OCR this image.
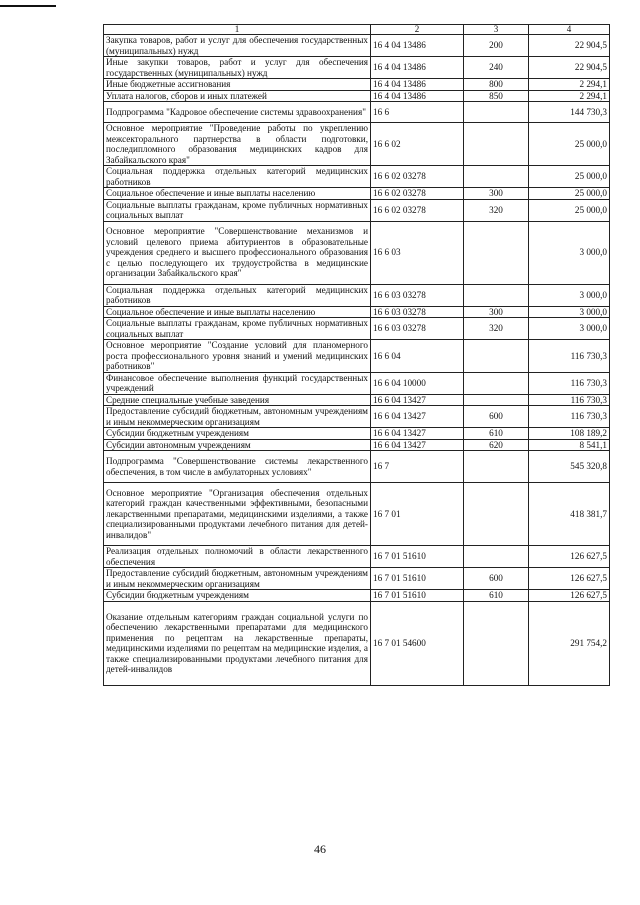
1	2	3	4
Закупка товаров, работ и услуг для обеспечения государственных (муниципальных) нужд	16 4 04 13486	200	22 904,5
Иные закупки товаров, работ и услуг для обеспечения государственных (муниципальных) нужд	16 4 04 13486	240	22 904,5
Иные бюджетные ассигнования	16 4 04 13486	800	2 294,1
Уплата налогов, сборов и иных платежей	16 4 04 13486	850	2 294,1
Подпрограмма "Кадровое обеспечение системы здравоохранения"	16 6		144 730,3
Основное мероприятие "Проведение работы по укреплению межсекторального партнерства в области подготовки, последипломного образования медицинских кадров для Забайкальского края"	16 6 02		25 000,0
Социальная поддержка отдельных категорий медицинских работников	16 6 02 03278		25 000,0
Социальное обеспечение и иные выплаты населению	16 6 02 03278	300	25 000,0
Социальные выплаты гражданам, кроме публичных нормативных социальных выплат	16 6 02 03278	320	25 000,0
Основное мероприятие "Совершенствование механизмов и условий целевого приема абитуриентов в образовательные учреждения среднего и высшего профессионального образования с целью последующего их трудоустройства в медицинские организации Забайкальского края"	16 6 03		3 000,0
Социальная поддержка отдельных категорий медицинских работников	16 6 03 03278		3 000,0
Социальное обеспечение и иные выплаты населению	16 6 03 03278	300	3 000,0
Социальные выплаты гражданам, кроме публичных нормативных социальных выплат	16 6 03 03278	320	3 000,0
Основное мероприятие "Создание условий для планомерного роста профессионального уровня знаний и умений медицинских работников"	16 6 04		116 730,3
Финансовое обеспечение выполнения функций государственных учреждений	16 6 04 10000		116 730,3
Средние специальные учебные заведения	16 6 04 13427		116 730,3
Предоставление субсидий бюджетным, автономным учреждениям и иным некоммерческим организациям	16 6 04 13427	600	116 730,3
Субсидии бюджетным учреждениям	16 6 04 13427	610	108 189,2
Субсидии автономным учреждениям	16 6 04 13427	620	8 541,1
Подпрограмма "Совершенствование системы лекарственного обеспечения, в том числе в амбулаторных условиях"	16 7		545 320,8
Основное мероприятие "Организация обеспечения отдельных категорий граждан качественными эффективными, безопасными лекарственными препаратами, медицинскими изделиями, а также специализированными продуктами лечебного питания для детей-инвалидов"	16 7 01		418 381,7
Реализация отдельных полномочий в области лекарственного обеспечения	16 7 01 51610		126 627,5
Предоставление субсидий бюджетным, автономным учреждениям и иным некоммерческим организациям	16 7 01 51610	600	126 627,5
Субсидии бюджетным учреждениям	16 7 01 51610	610	126 627,5
Оказание отдельным категориям граждан социальной услуги по обеспечению лекарственными препаратами для медицинского применения по рецептам на лекарственные препараты, медицинскими изделиями по рецептам на медицинские изделия, а также специализированными продуктами лечебного питания для детей-инвалидов	16 7 01 54600		291 754,2
46
